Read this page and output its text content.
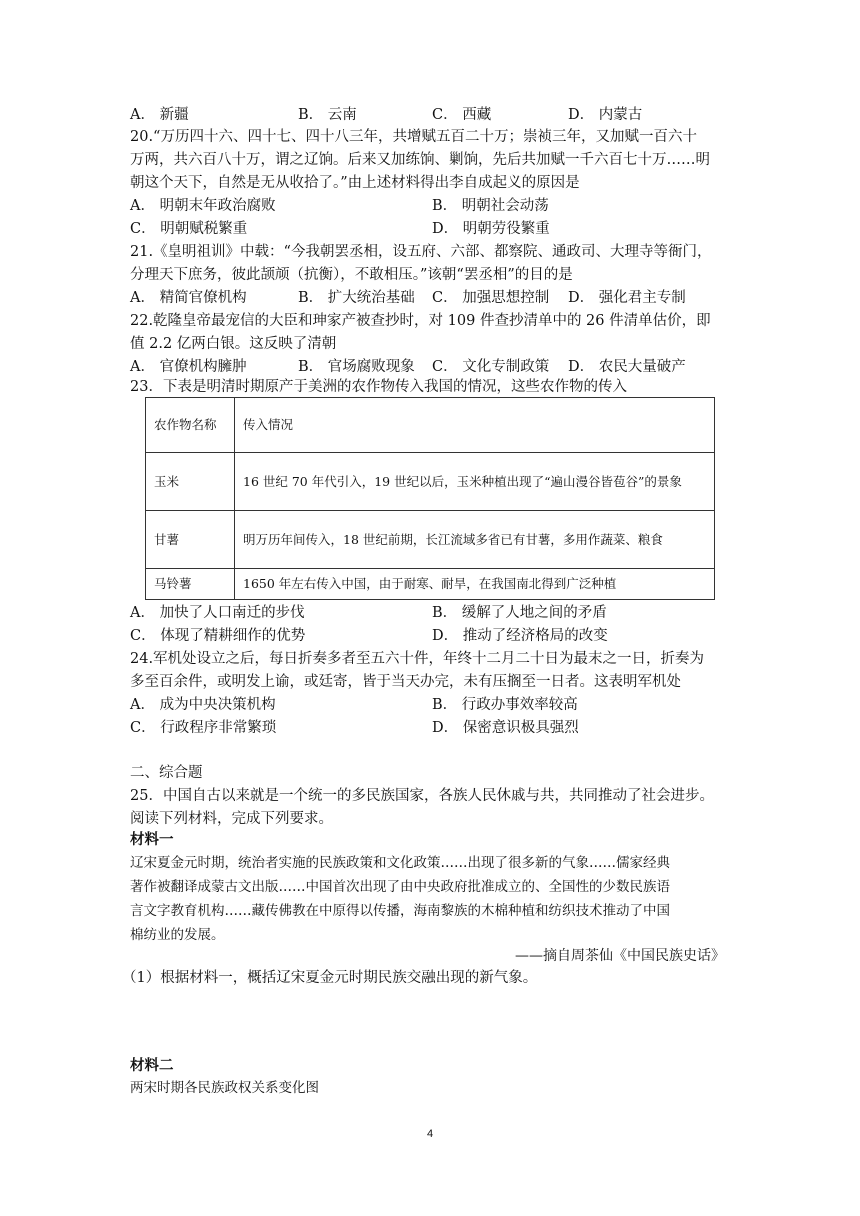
A． 新疆	B． 云南	C． 西藏	D． 内蒙古
20.“万历四十六、四十七、四十八三年，共增赋五百二十万；崇祯三年，又加赋一百六十
万两，共六百八十万，谓之辽饷。后来又加练饷、剿饷，先后共加赋一千六百七十万……明
朝这个天下，自然是无从收拾了。”由上述材料得出李自成起义的原因是
A． 明朝末年政治腐败	B． 明朝社会动荡
C． 明朝赋税繁重	D． 明朝劳役繁重
21.《皇明祖训》中载：“今我朝罢丞相，设五府、六部、都察院、通政司、大理寺等衙门，
分理天下庶务，彼此颉颃（抗衡），不敢相压。”该朝“罢丞相”的目的是
A． 精简官僚机构	B． 扩大统治基础 C． 加强思想控制 D． 强化君主专制
22.乾隆皇帝最宠信的大臣和珅家产被查抄时，对 109 件查抄清单中的 26 件清单估价，即
值 2.2 亿两白银。这反映了清朝
A． 官僚机构臃肿	B． 官场腐败现象 C． 文化专制政策 D． 农民大量破产
23．下表是明清时期原产于美洲的农作物传入我国的情况，这些农作物的传入
农作物名称	传入情况
玉米	16 世纪 70 年代引入，19 世纪以后，玉米种植出现了“遍山漫谷皆苞谷”的景象
甘薯	明万历年间传入，18 世纪前期，长江流域多省已有甘薯，多用作蔬菜、粮食
马铃薯	1650 年左右传入中国，由于耐寒、耐旱，在我国南北得到广泛种植
A． 加快了人口南迁的步伐	B． 缓解了人地之间的矛盾
C． 体现了精耕细作的优势	D． 推动了经济格局的改变
24.军机处设立之后，每日折奏多者至五六十件，年终十二月二十日为最末之一日，折奏为
多至百余件，或明发上谕，或廷寄，皆于当天办完，未有压搁至一日者。这表明军机处
A． 成为中央决策机构	B． 行政办事效率较高
C． 行政程序非常繁琐	D． 保密意识极具强烈
二、综合题
25．中国自古以来就是一个统一的多民族国家，各族人民休戚与共，共同推动了社会进步。
阅读下列材料，完成下列要求。
材料一
辽宋夏金元时期，统治者实施的民族政策和文化政策……出现了很多新的气象……儒家经典
著作被翻译成蒙古文出版……中国首次出现了由中央政府批准成立的、全国性的少数民族语
言文字教育机构……藏传佛教在中原得以传播，海南黎族的木棉种植和纺织技术推动了中国
棉纺业的发展。
——摘自周茶仙《中国民族史话》
（1）根据材料一，概括辽宋夏金元时期民族交融出现的新气象。
材料二
两宋时期各民族政权关系变化图
4
